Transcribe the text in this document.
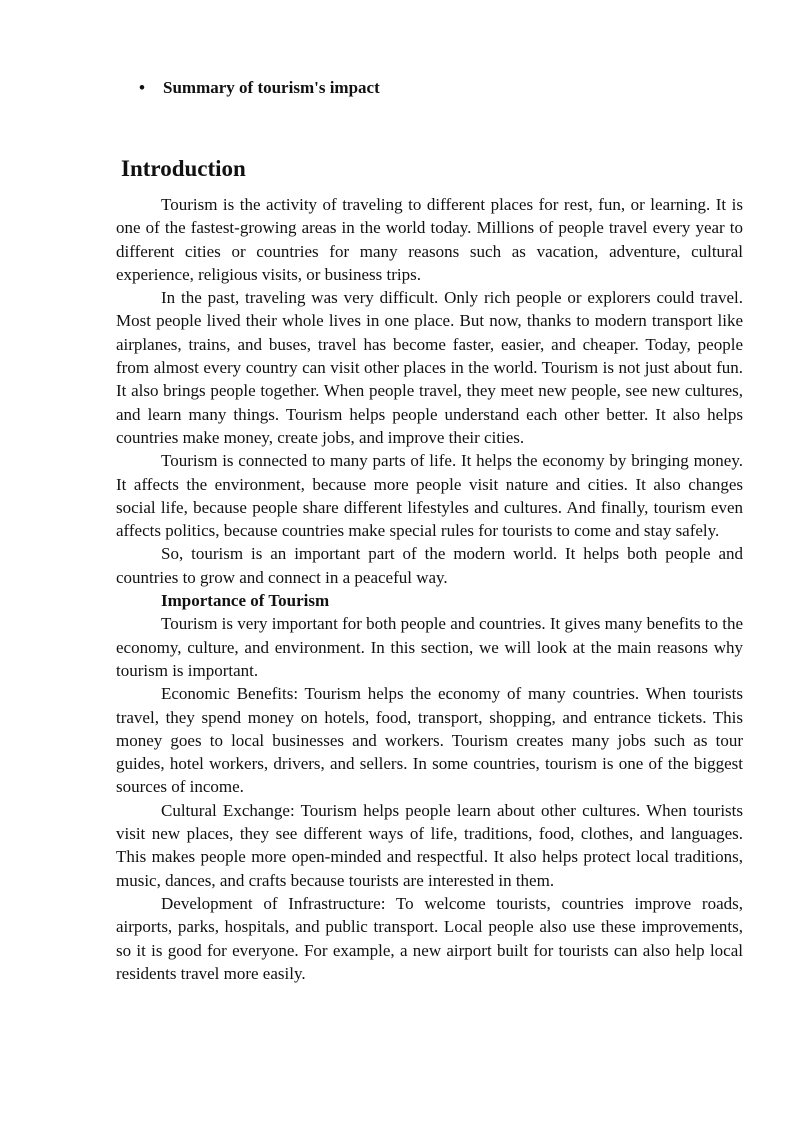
•	Summary of tourism's impact
Introduction

Tourism is the activity of traveling to different places for rest, fun, or learning. It is one of the fastest-growing areas in the world today. Millions of people travel every year to different cities or countries for many reasons such as vacation, adventure, cultural experience, religious visits, or business trips.

In the past, traveling was very difficult. Only rich people or explorers could travel. Most people lived their whole lives in one place. But now, thanks to modern transport like airplanes, trains, and buses, travel has become faster, easier, and cheaper. Today, people from almost every country can visit other places in the world. Tourism is not just about fun. It also brings people together. When people travel, they meet new people, see new cultures, and learn many things. Tourism helps people understand each other better. It also helps countries make money, create jobs, and improve their cities.

Tourism is connected to many parts of life. It helps the economy by bringing money. It affects the environment, because more people visit nature and cities. It also changes social life, because people share different lifestyles and cultures. And finally, tourism even affects politics, because countries make special rules for tourists to come and stay safely.

So, tourism is an important part of the modern world. It helps both people and countries to grow and connect in a peaceful way.

Importance of Tourism

Tourism is very important for both people and countries. It gives many benefits to the economy, culture, and environment. In this section, we will look at the main reasons why tourism is important.

Economic Benefits: Tourism helps the economy of many countries. When tourists travel, they spend money on hotels, food, transport, shopping, and entrance tickets. This money goes to local businesses and workers. Tourism creates many jobs such as tour guides, hotel workers, drivers, and sellers. In some countries, tourism is one of the biggest sources of income.

Cultural Exchange: Tourism helps people learn about other cultures. When tourists visit new places, they see different ways of life, traditions, food, clothes, and languages. This makes people more open-minded and respectful. It also helps protect local traditions, music, dances, and crafts because tourists are interested in them.

Development of Infrastructure: To welcome tourists, countries improve roads, airports, parks, hospitals, and public transport. Local people also use these improvements, so it is good for everyone. For example, a new airport built for tourists can also help local residents travel more easily.
